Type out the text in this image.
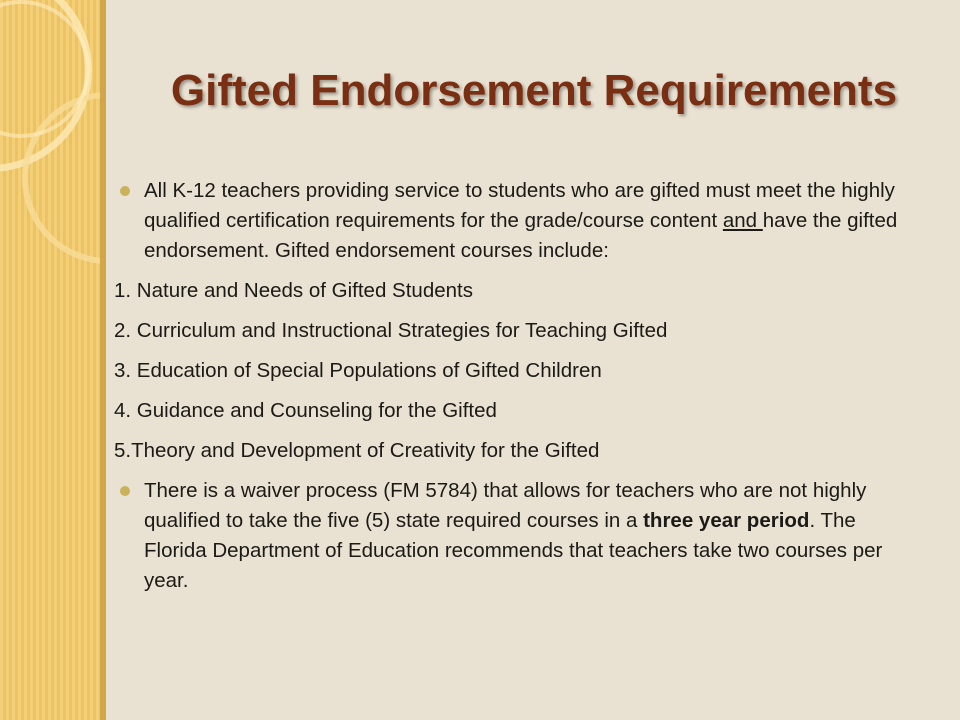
Gifted Endorsement Requirements
All K-12 teachers providing service to students who are gifted must meet the highly qualified certification requirements for the grade/course content and have the gifted endorsement. Gifted endorsement courses include:
1. Nature and Needs of Gifted Students
2. Curriculum and Instructional Strategies for Teaching Gifted
3. Education of Special Populations of Gifted Children
4. Guidance and Counseling for the Gifted
5.Theory and Development of Creativity for the Gifted
There is a waiver process (FM 5784) that allows for teachers who are not highly qualified to take the five (5) state required courses in a three year period. The Florida Department of Education recommends that teachers take two courses per year.
